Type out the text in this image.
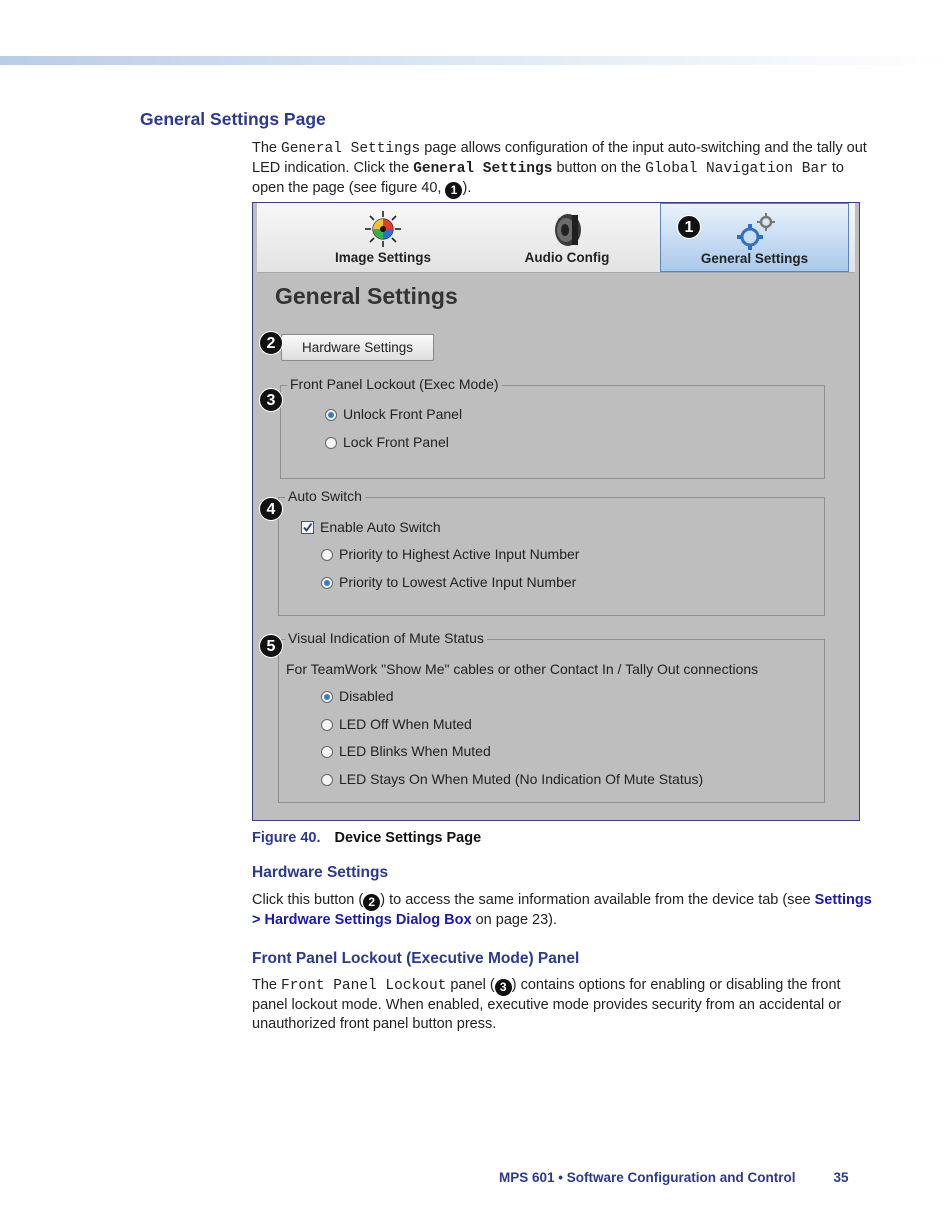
General Settings Page
The General Settings page allows configuration of the input auto-switching and the tally out LED indication. Click the General Settings button on the Global Navigation Bar to open the page (see figure 40, 1 ).
Image Settings	Audio Config	General Settings
General Settings
Hardware Settings
Front Panel Lockout (Exec Mode)
Unlock Front Panel
Lock Front Panel
Auto Switch
Enable Auto Switch
Priority to Highest Active Input Number
Priority to Lowest Active Input Number
Visual Indication of Mute Status
For TeamWork "Show Me" cables or other Contact In / Tally Out connections
Disabled
LED Off When Muted
LED Blinks When Muted
LED Stays On When Muted (No Indication Of Mute Status)
1
2
3
4
5
Figure 40. Device Settings Page
Hardware Settings
Click this button ( 2 ) to access the same information available from the device tab (see Settings > Hardware Settings Dialog Box on page 23).
Front Panel Lockout (Executive Mode) Panel
The Front Panel Lockout panel ( 3 ) contains options for enabling or disabling the front panel lockout mode. When enabled, executive mode provides security from an accidental or unauthorized front panel button press.
MPS 601 • Software Configuration and Control	35
